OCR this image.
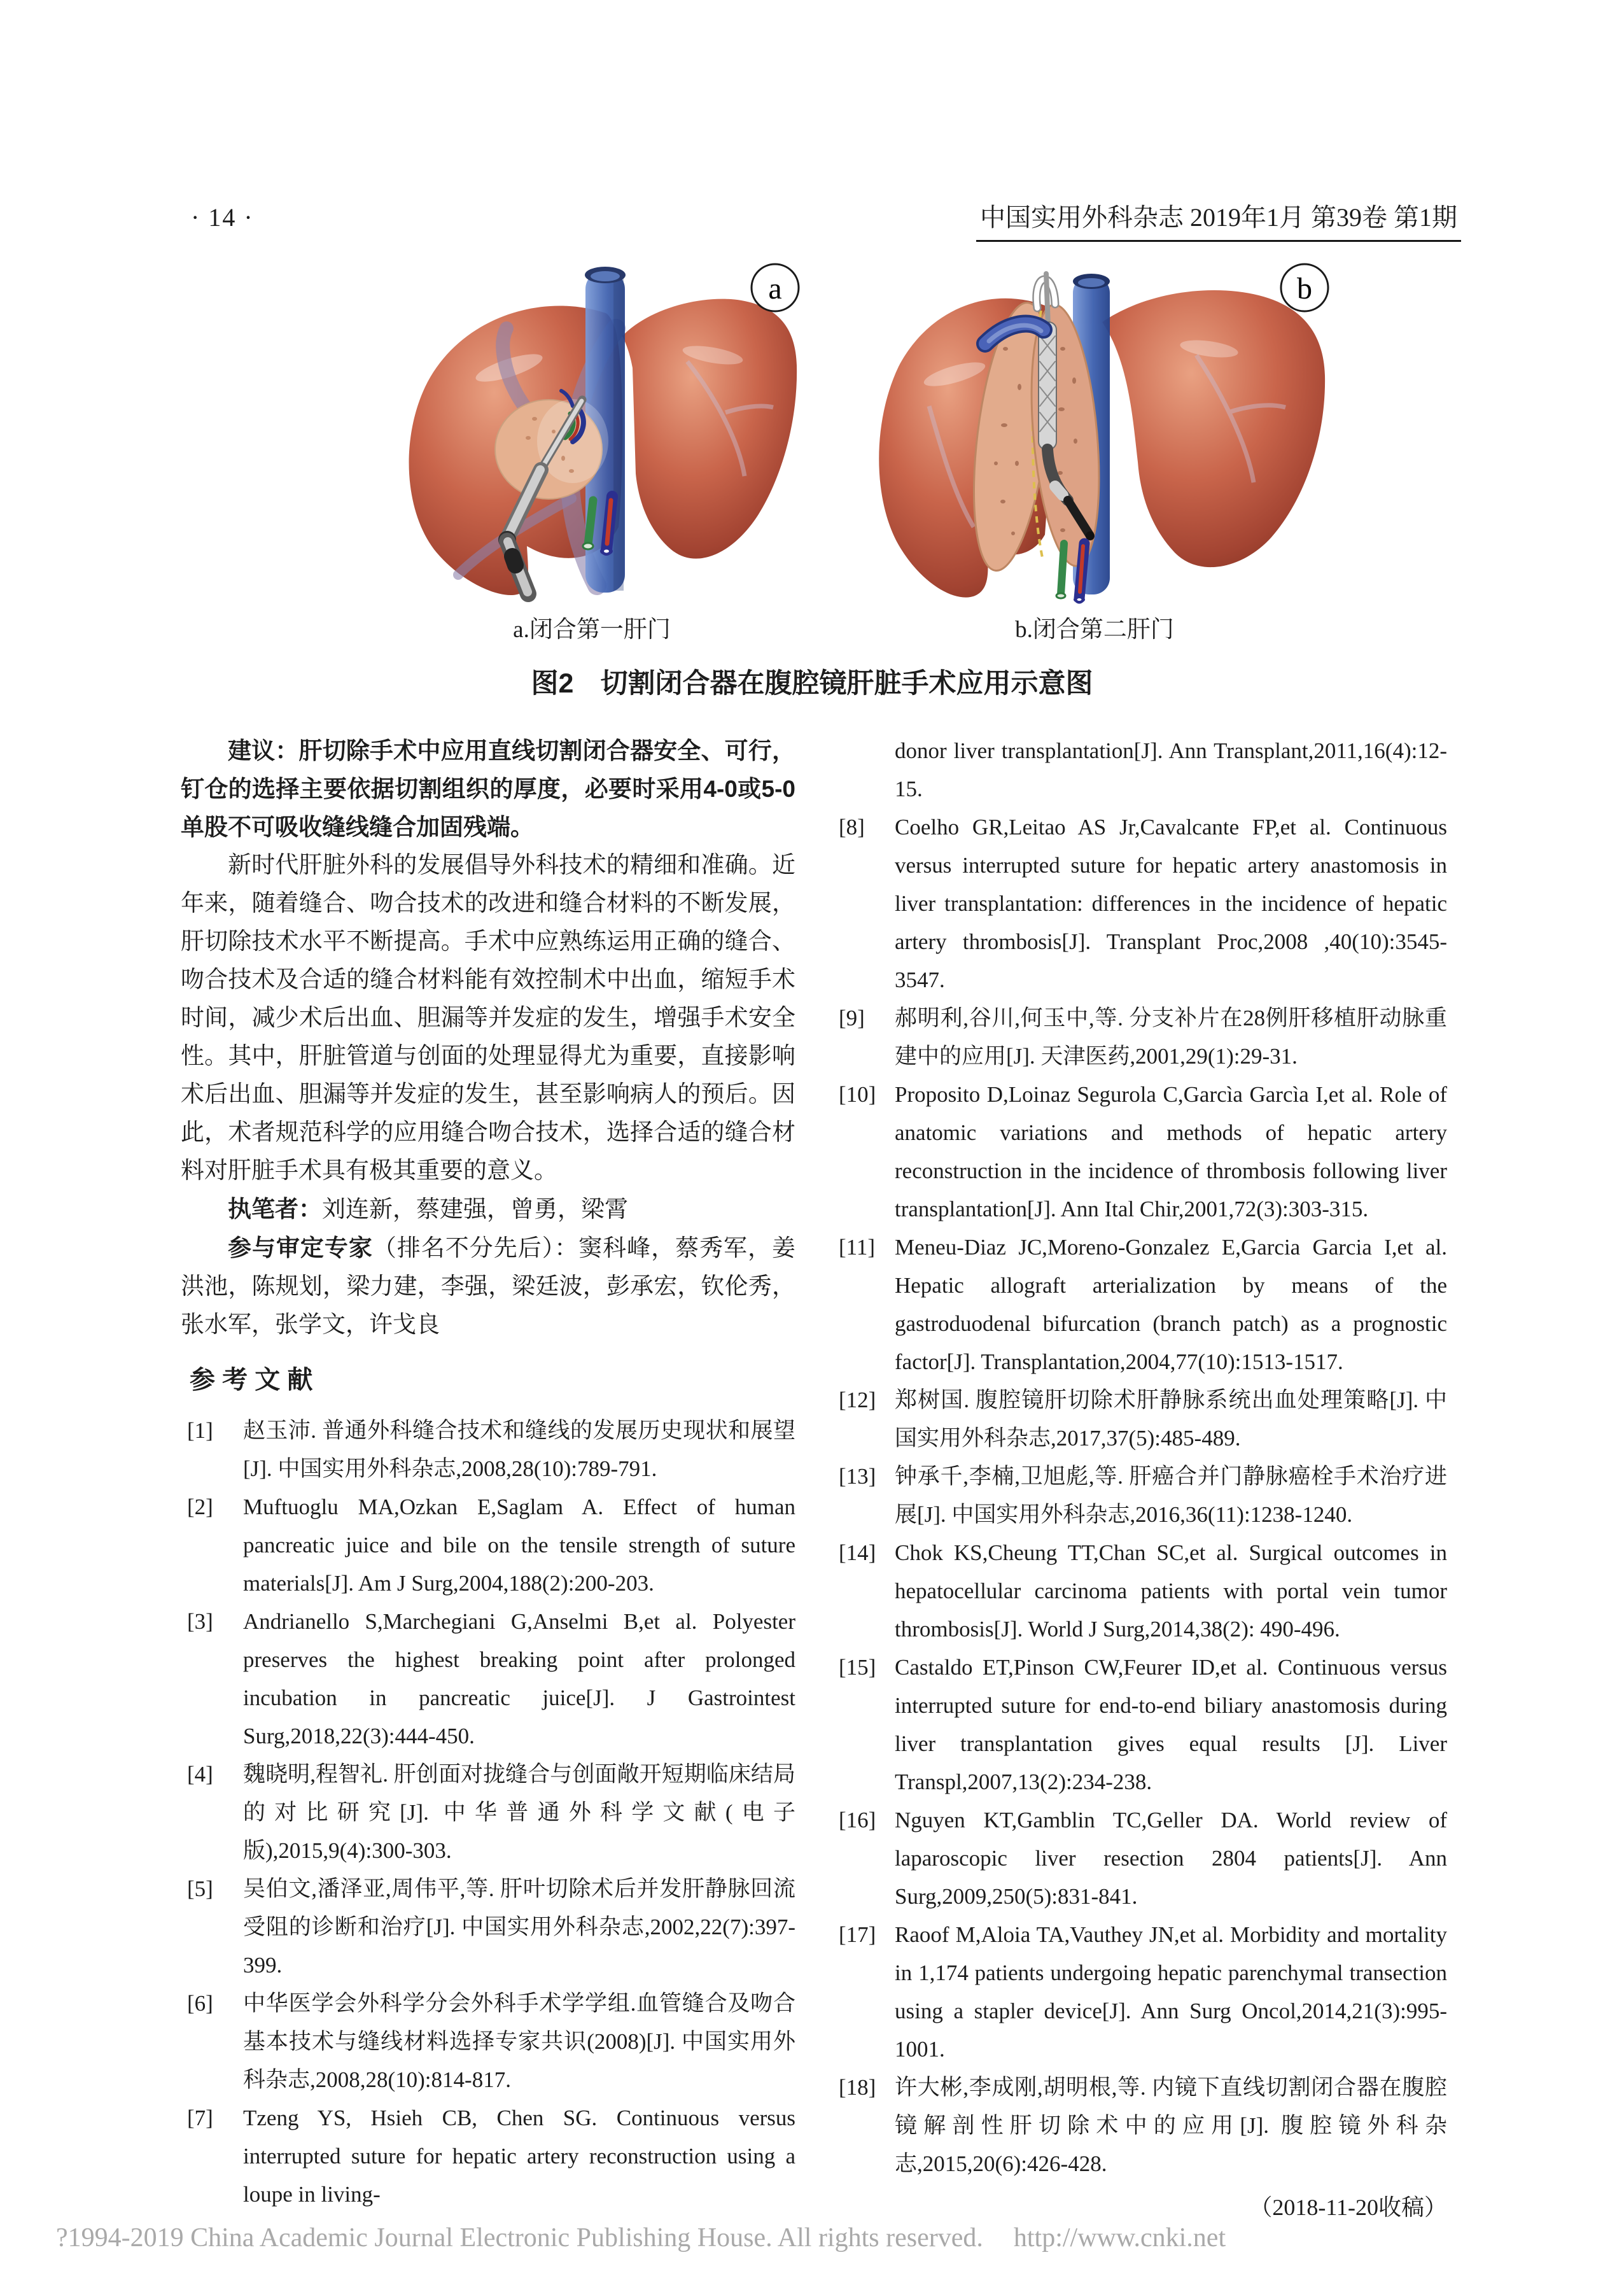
· 14 ·	中国实用外科杂志 2019年1月 第39卷 第1期
a	b
a.闭合第一肝门	b.闭合第二肝门
图2 切割闭合器在腹腔镜肝脏手术应用示意图

建议：肝切除手术中应用直线切割闭合器安全、可行，钉仓的选择主要依据切割组织的厚度，必要时采用4-0或5-0单股不可吸收缝线缝合加固残端。

新时代肝脏外科的发展倡导外科技术的精细和准确。近年来，随着缝合、吻合技术的改进和缝合材料的不断发展，肝切除技术水平不断提高。手术中应熟练运用正确的缝合、吻合技术及合适的缝合材料能有效控制术中出血，缩短手术时间，减少术后出血、胆漏等并发症的发生，增强手术安全性。其中，肝脏管道与创面的处理显得尤为重要，直接影响术后出血、胆漏等并发症的发生，甚至影响病人的预后。因此，术者规范科学的应用缝合吻合技术，选择合适的缝合材料对肝脏手术具有极其重要的意义。

执笔者：刘连新，蔡建强，曾勇，梁霄

参与审定专家（排名不分先后）：窦科峰，蔡秀军，姜洪池，陈规划，梁力建，李强，梁廷波，彭承宏，钦伦秀，张水军，张学文，许戈良

参 考 文 献
[1] 赵玉沛. 普通外科缝合技术和缝线的发展历史现状和展望[J]. 中国实用外科杂志,2008,28(10):789-791.
[2] Muftuoglu MA,Ozkan E,Saglam A. Effect of human pancreatic juice and bile on the tensile strength of suture materials[J]. Am J Surg,2004,188(2):200-203.
[3] Andrianello S,Marchegiani G,Anselmi B,et al. Polyester preserves the highest breaking point after prolonged incubation in pancreatic juice[J]. J Gastrointest Surg,2018,22(3):444-450.
[4] 魏晓明,程智礼. 肝创面对拢缝合与创面敞开短期临床结局的对比研究[J]. 中华普通外科学文献(电子版),2015,9(4):300-303.
[5] 吴伯文,潘泽亚,周伟平,等. 肝叶切除术后并发肝静脉回流受阻的诊断和治疗[J]. 中国实用外科杂志,2002,22(7):397-399.
[6] 中华医学会外科学分会外科手术学学组.血管缝合及吻合基本技术与缝线材料选择专家共识(2008)[J]. 中国实用外科杂志,2008,28(10):814-817.
[7] Tzeng YS, Hsieh CB, Chen SG. Continuous versus interrupted suture for hepatic artery reconstruction using a loupe in living-
donor liver transplantation[J]. Ann Transplant,2011,16(4):12-15.
[8] Coelho GR,Leitao AS Jr,Cavalcante FP,et al. Continuous versus interrupted suture for hepatic artery anastomosis in liver transplantation: differences in the incidence of hepatic artery thrombosis[J]. Transplant Proc,2008 ,40(10):3545-3547.
[9] 郝明利,谷川,何玉中,等. 分支补片在28例肝移植肝动脉重建中的应用[J]. 天津医药,2001,29(1):29-31.
[10] Proposito D,Loinaz Segurola C,Garcìa Garcìa I,et al. Role of anatomic variations and methods of hepatic artery reconstruction in the incidence of thrombosis following liver transplantation[J]. Ann Ital Chir,2001,72(3):303-315.
[11] Meneu-Diaz JC,Moreno-Gonzalez E,Garcia Garcia I,et al. Hepatic allograft arterialization by means of the gastroduodenal bifurcation (branch patch) as a prognostic factor[J]. Transplantation,2004,77(10):1513-1517.
[12] 郑树国. 腹腔镜肝切除术肝静脉系统出血处理策略[J]. 中国实用外科杂志,2017,37(5):485-489.
[13] 钟承千,李楠,卫旭彪,等. 肝癌合并门静脉癌栓手术治疗进展[J]. 中国实用外科杂志,2016,36(11):1238-1240.
[14] Chok KS,Cheung TT,Chan SC,et al. Surgical outcomes in hepatocellular carcinoma patients with portal vein tumor thrombosis[J]. World J Surg,2014,38(2): 490-496.
[15] Castaldo ET,Pinson CW,Feurer ID,et al. Continuous versus interrupted suture for end-to-end biliary anastomosis during liver transplantation gives equal results [J]. Liver Transpl,2007,13(2):234-238.
[16] Nguyen KT,Gamblin TC,Geller DA. World review of laparoscopic liver resection 2804 patients[J]. Ann Surg,2009,250(5):831-841.
[17] Raoof M,Aloia TA,Vauthey JN,et al. Morbidity and mortality in 1,174 patients undergoing hepatic parenchymal transection using a stapler device[J]. Ann Surg Oncol,2014,21(3):995-1001.
[18] 许大彬,李成刚,胡明根,等. 内镜下直线切割闭合器在腹腔镜解剖性肝切除术中的应用[J]. 腹腔镜外科杂志,2015,20(6):426-428.
（2018-11-20收稿）
?1994-2019 China Academic Journal Electronic Publishing House. All rights reserved. http://www.cnki.net
